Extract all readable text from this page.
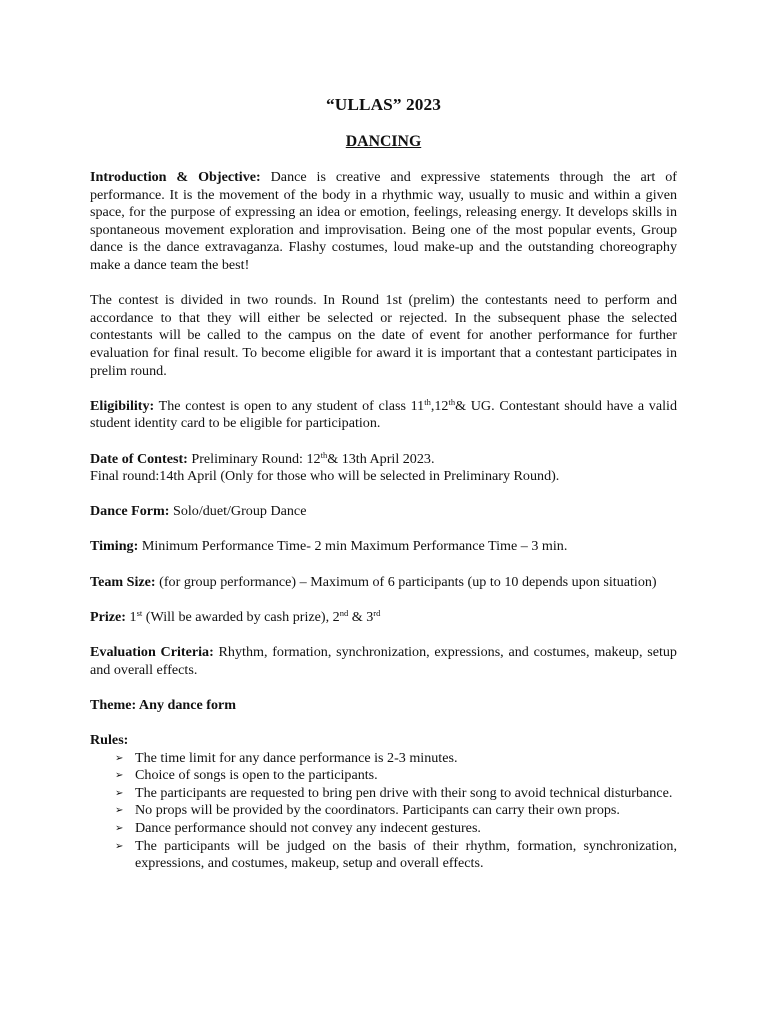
“ULLAS” 2023
DANCING

Introduction & Objective: Dance is creative and expressive statements through the art of performance. It is the movement of the body in a rhythmic way, usually to music and within a given space, for the purpose of expressing an idea or emotion, feelings, releasing energy. It develops skills in spontaneous movement exploration and improvisation. Being one of the most popular events, Group dance is the dance extravaganza. Flashy costumes, loud make-up and the outstanding choreography make a dance team the best!

The contest is divided in two rounds. In Round 1st (prelim) the contestants need to perform and accordance to that they will either be selected or rejected. In the subsequent phase the selected contestants will be called to the campus on the date of event for another performance for further evaluation for final result. To become eligible for award it is important that a contestant participates in prelim round.

Eligibility: The contest is open to any student of class 11th,12th& UG. Contestant should have a valid student identity card to be eligible for participation.

Date of Contest: Preliminary Round: 12th& 13th April 2023.

Final round:14th April (Only for those who will be selected in Preliminary Round).

Dance Form: Solo/duet/Group Dance

Timing: Minimum Performance Time- 2 min Maximum Performance Time – 3 min.

Team Size: (for group performance) – Maximum of 6 participants (up to 10 depends upon situation)

Prize: 1st (Will be awarded by cash prize), 2nd & 3rd

Evaluation Criteria: Rhythm, formation, synchronization, expressions, and costumes, makeup, setup and overall effects.

Theme: Any dance form

Rules:

➢ The time limit for any dance performance is 2-3 minutes.
➢ Choice of songs is open to the participants.
➢ The participants are requested to bring pen drive with their song to avoid technical disturbance.
➢ No props will be provided by the coordinators. Participants can carry their own props.
➢ Dance performance should not convey any indecent gestures.
➢ The participants will be judged on the basis of their rhythm, formation, synchronization, expressions, and costumes, makeup, setup and overall effects.
